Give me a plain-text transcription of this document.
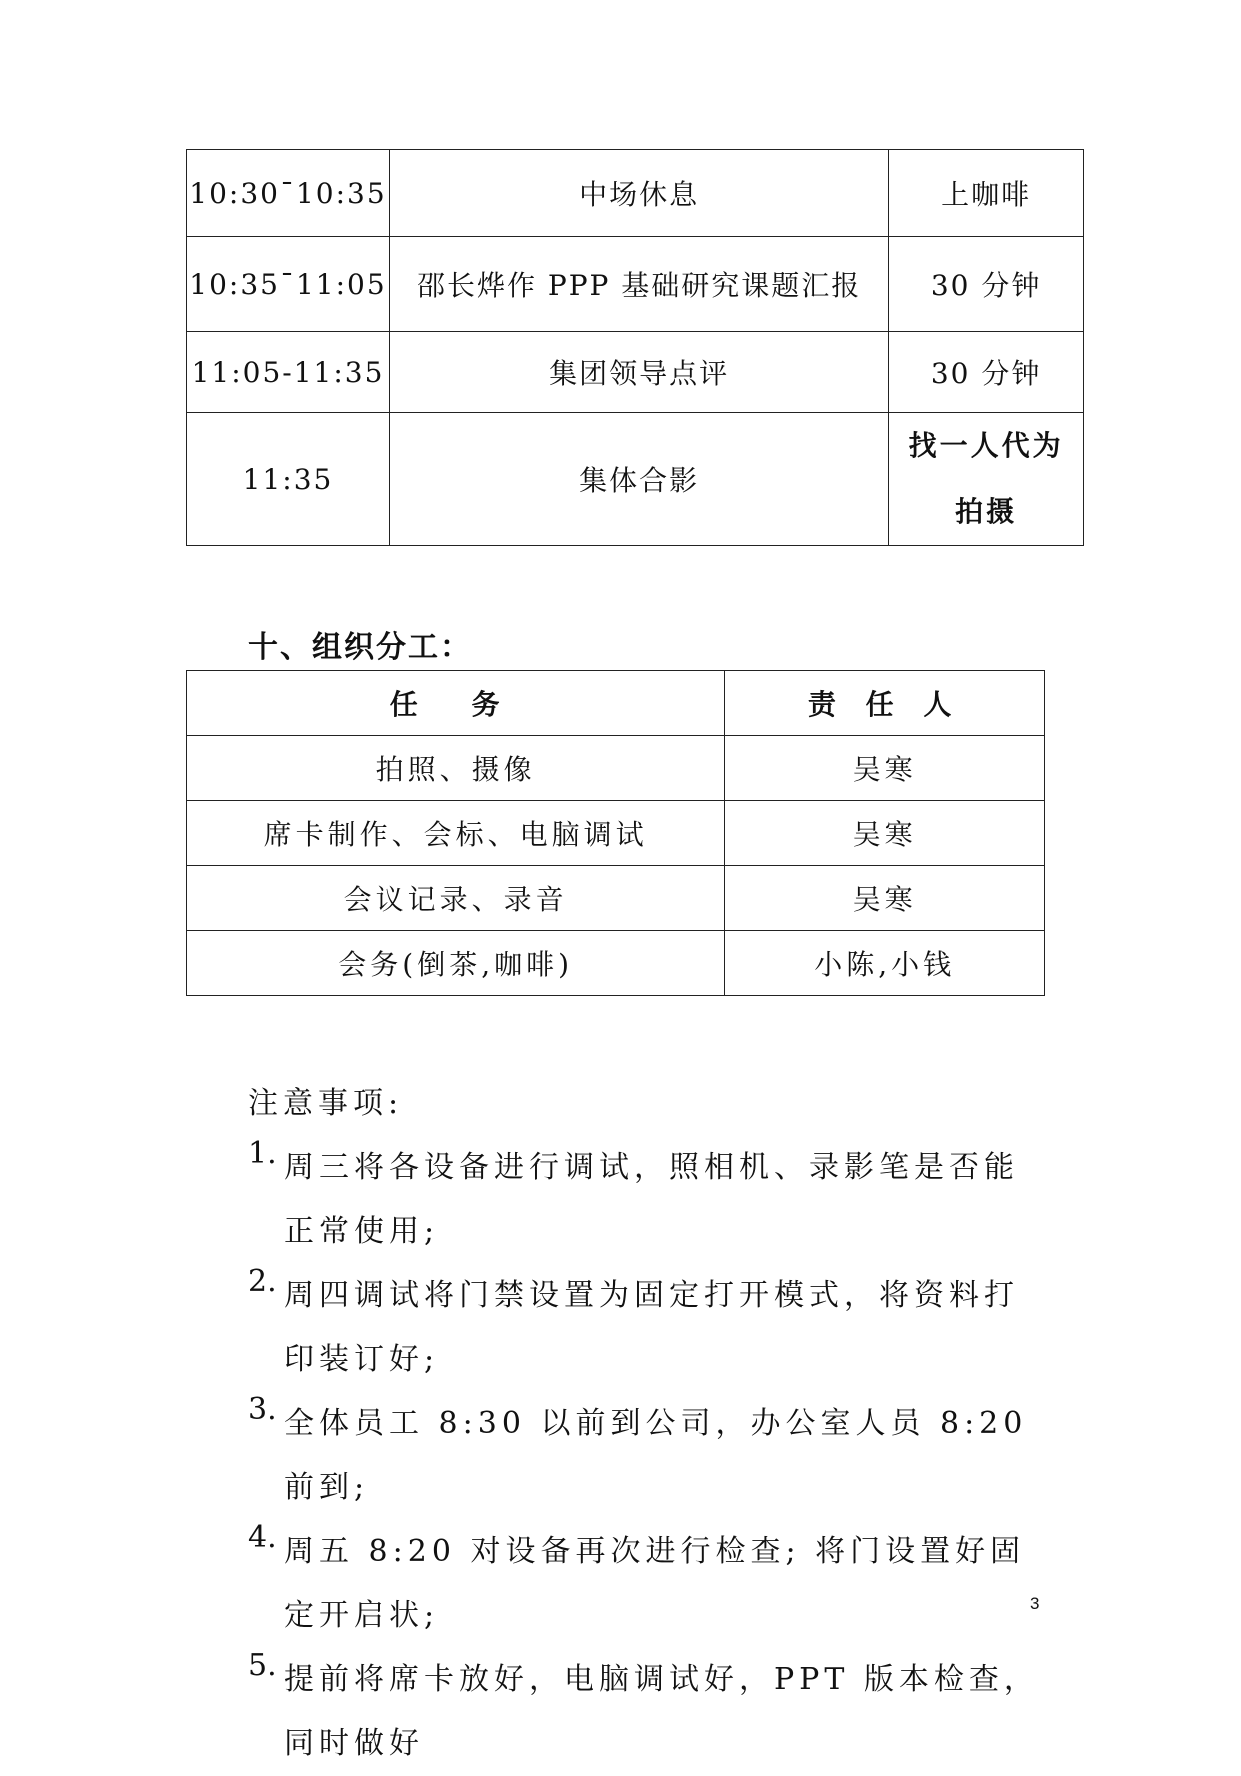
10:30¯10:35	中场休息	上咖啡
10:35¯11:05	邵长烨作 PPP 基础研究课题汇报	30 分钟
11:05-11:35	集团领导点评	30 分钟
11:35	集体合影	找一人代为
拍摄
十、组织分工：
任 务	责 任 人
拍照、摄像	吴寒
席卡制作、会标、电脑调试	吴寒
会议记录、录音	吴寒
会务(倒茶,咖啡)	小陈,小钱

注意事项:

1. 周三将各设备进行调试，照相机、录影笔是否能正常使用;

2. 周四调试将门禁设置为固定打开模式，将资料打印装订好;

3. 全体员工 8:30 以前到公司，办公室人员 8:20 前到;

4. 周五 8:20 对设备再次进行检查; 将门设置好固定开启状;

5. 提前将席卡放好，电脑调试好，PPT 版本检查，同时做好

3
